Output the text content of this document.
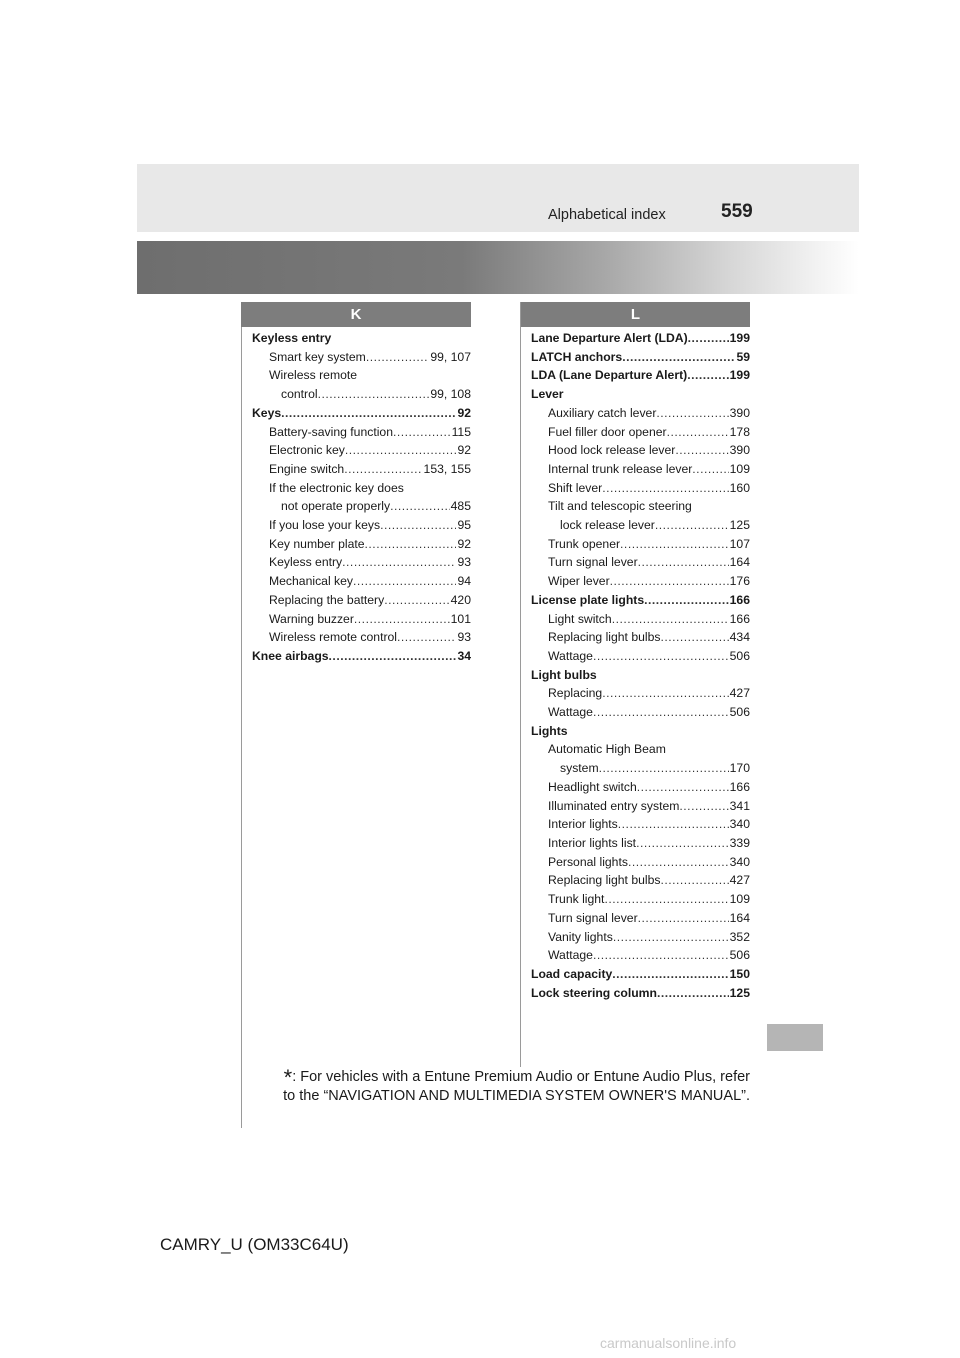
Alphabetical index	559
K	L
Keyless entry
Smart key system .....	99, 107
Wireless remote
control .....	99, 108
Keys .....	92
Battery-saving function .....	115
Electronic key .....	92
Engine switch .....	153, 155
If the electronic key does
not operate properly .....	485
If you lose your keys .....	95
Key number plate .....	92
Keyless entry .....	93
Mechanical key .....	94
Replacing the battery .....	420
Warning buzzer .....	101
Wireless remote control .....	93
Knee airbags .....	34
Lane Departure Alert (LDA) .....	199
LATCH anchors .....	59
LDA (Lane Departure Alert) .....	199
Lever
Auxiliary catch lever .....	390
Fuel filler door opener .....	178
Hood lock release lever .....	390
Internal trunk release lever .....	109
Shift lever .....	160
Tilt and telescopic steering
lock release lever .....	125
Trunk opener .....	107
Turn signal lever .....	164
Wiper lever .....	176
License plate lights .....	166
Light switch .....	166
Replacing light bulbs .....	434
Wattage .....	506
Light bulbs
Replacing .....	427
Wattage .....	506
Lights
Automatic High Beam
system .....	170
Headlight switch .....	166
Illuminated entry system .....	341
Interior lights .....	340
Interior lights list .....	339
Personal lights .....	340
Replacing light bulbs .....	427
Trunk light .....	109
Turn signal lever .....	164
Vanity lights .....	352
Wattage .....	506
Load capacity .....	150
Lock steering column .....	125
*: For vehicles with a Entune Premium Audio or Entune Audio Plus, refer to the “NAVIGATION AND MULTIMEDIA SYSTEM OWNER'S MANUAL”.
CAMRY_U (OM33C64U)
carmanualsonline.info
